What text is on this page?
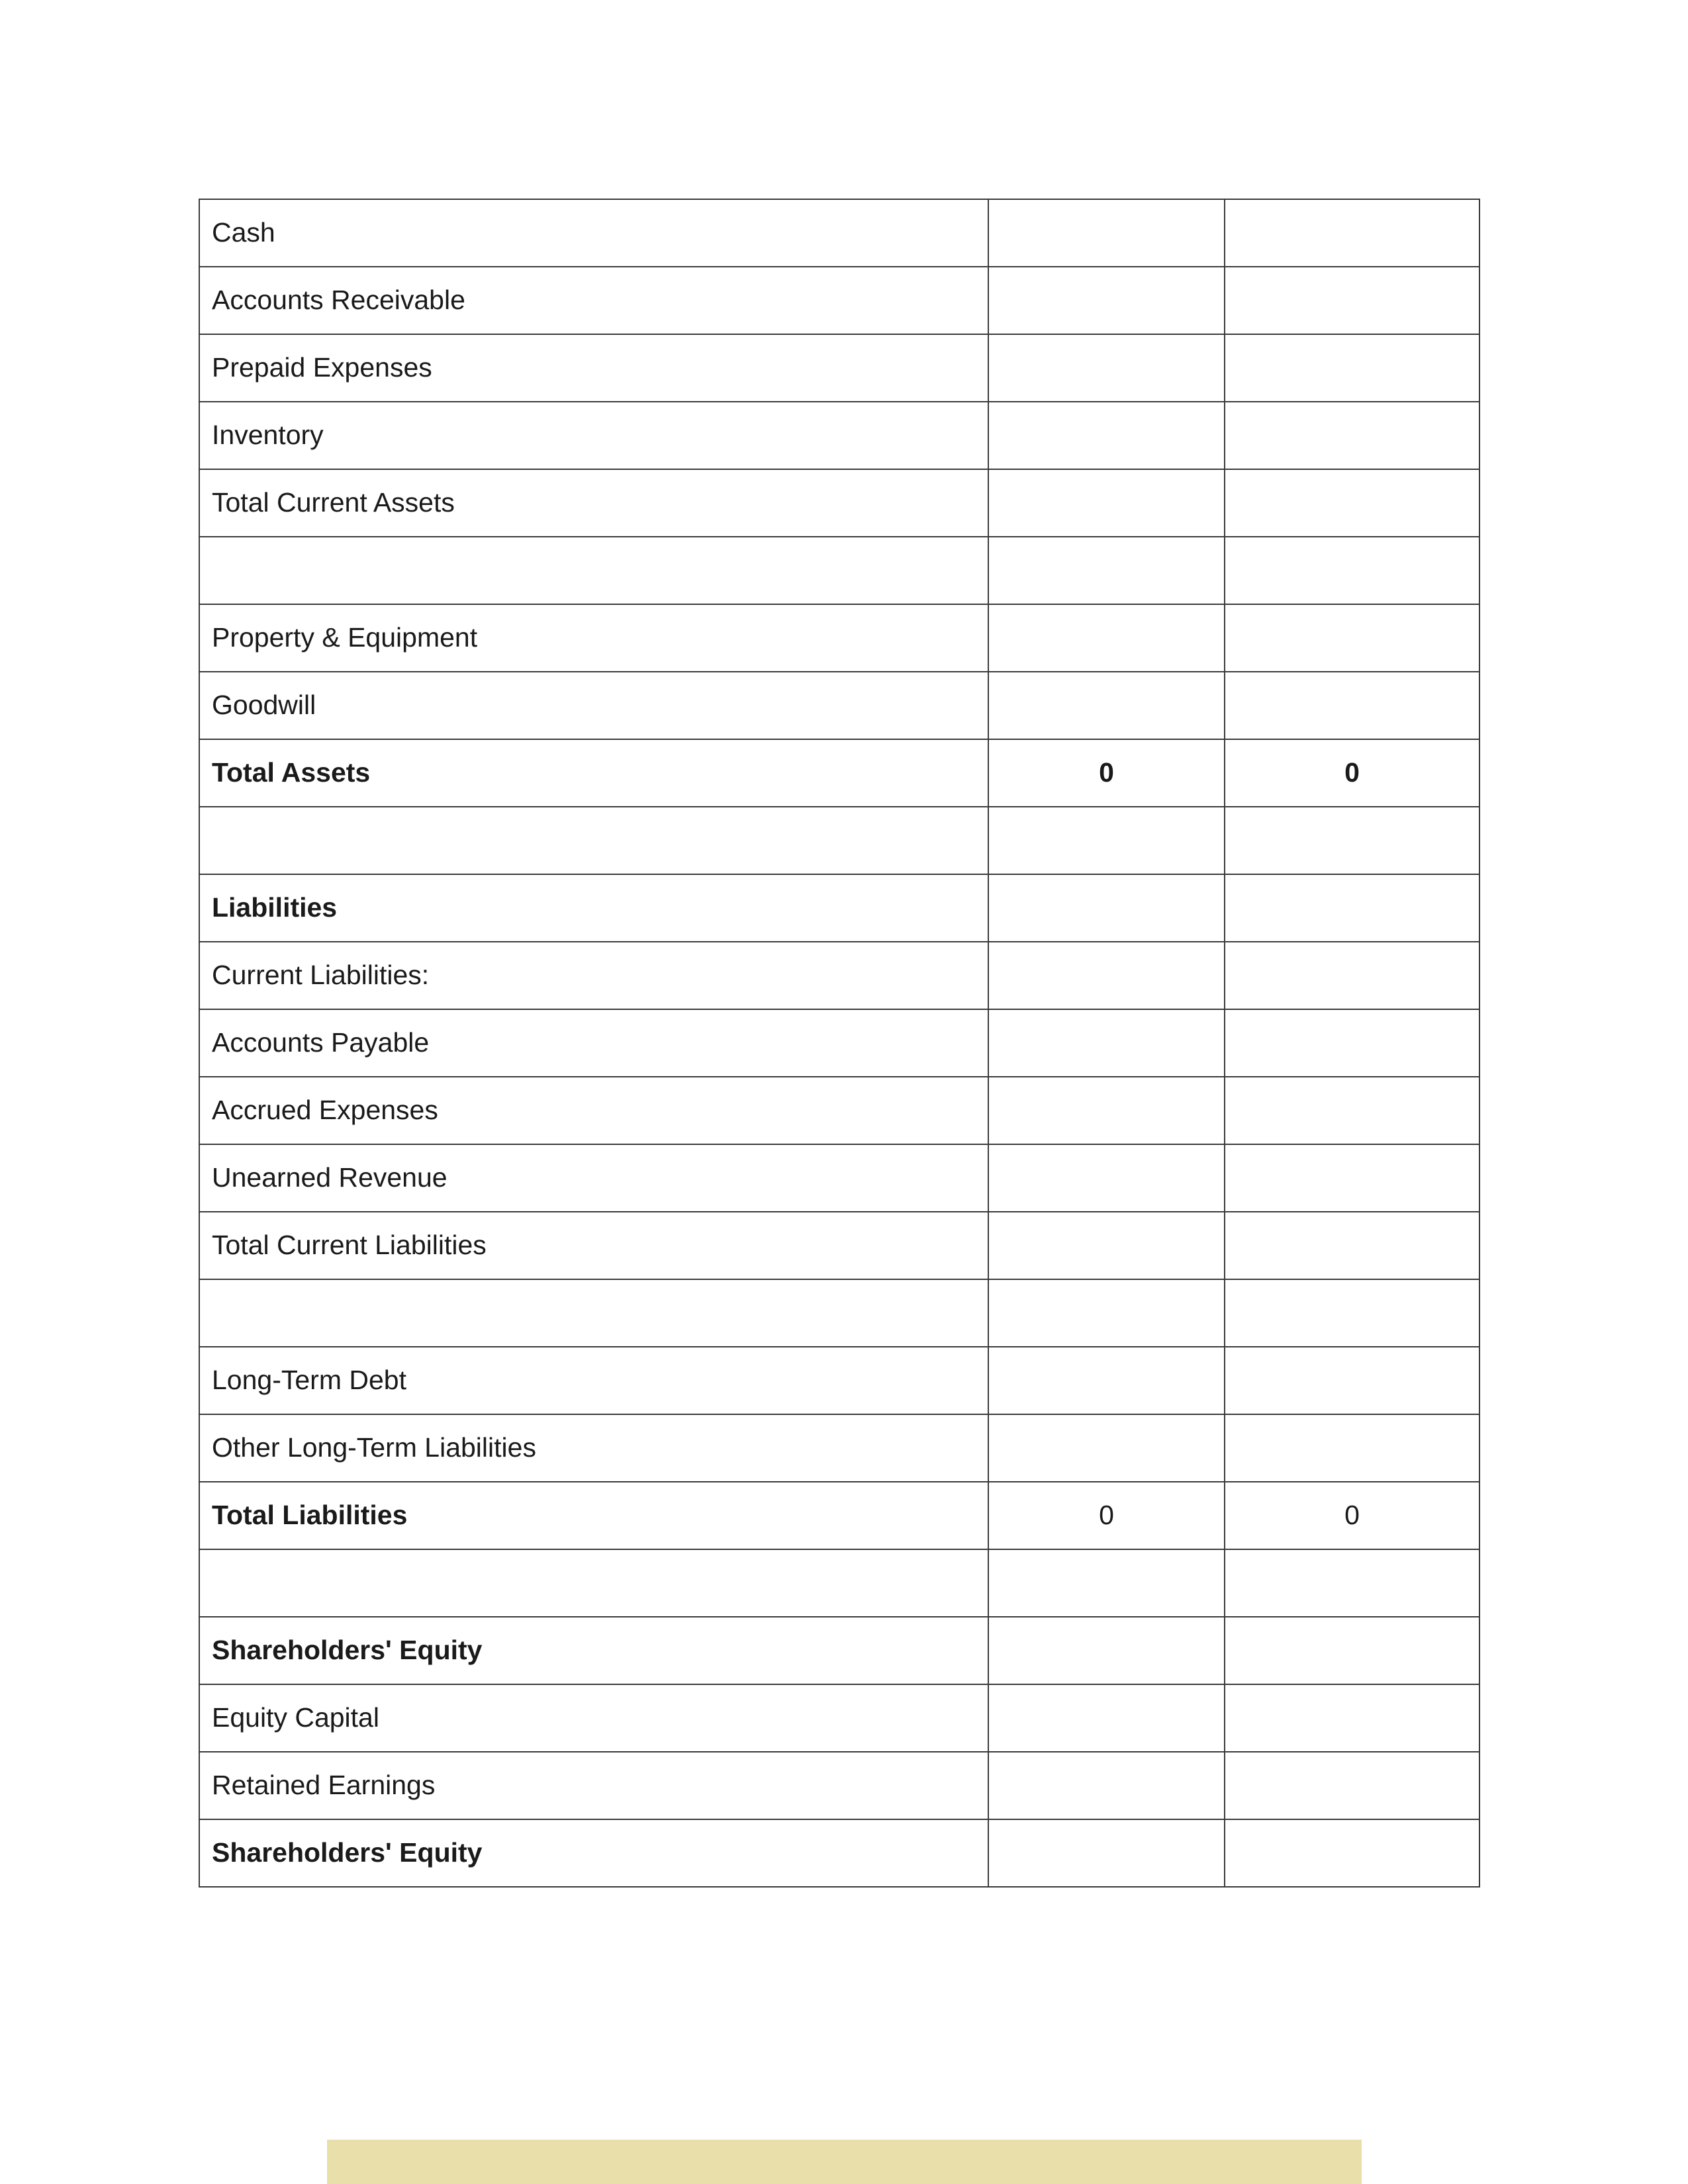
Cash		
Accounts Receivable		
Prepaid Expenses		
Inventory		
Total Current Assets		

Property & Equipment		
Goodwill		
Total Assets	0	0

Liabilities		
Current Liabilities:		
Accounts Payable		
Accrued Expenses		
Unearned Revenue		
Total Current Liabilities		

Long-Term Debt		
Other Long-Term Liabilities		
Total Liabilities	0	0

Shareholders' Equity		
Equity Capital		
Retained Earnings		
Shareholders' Equity		
